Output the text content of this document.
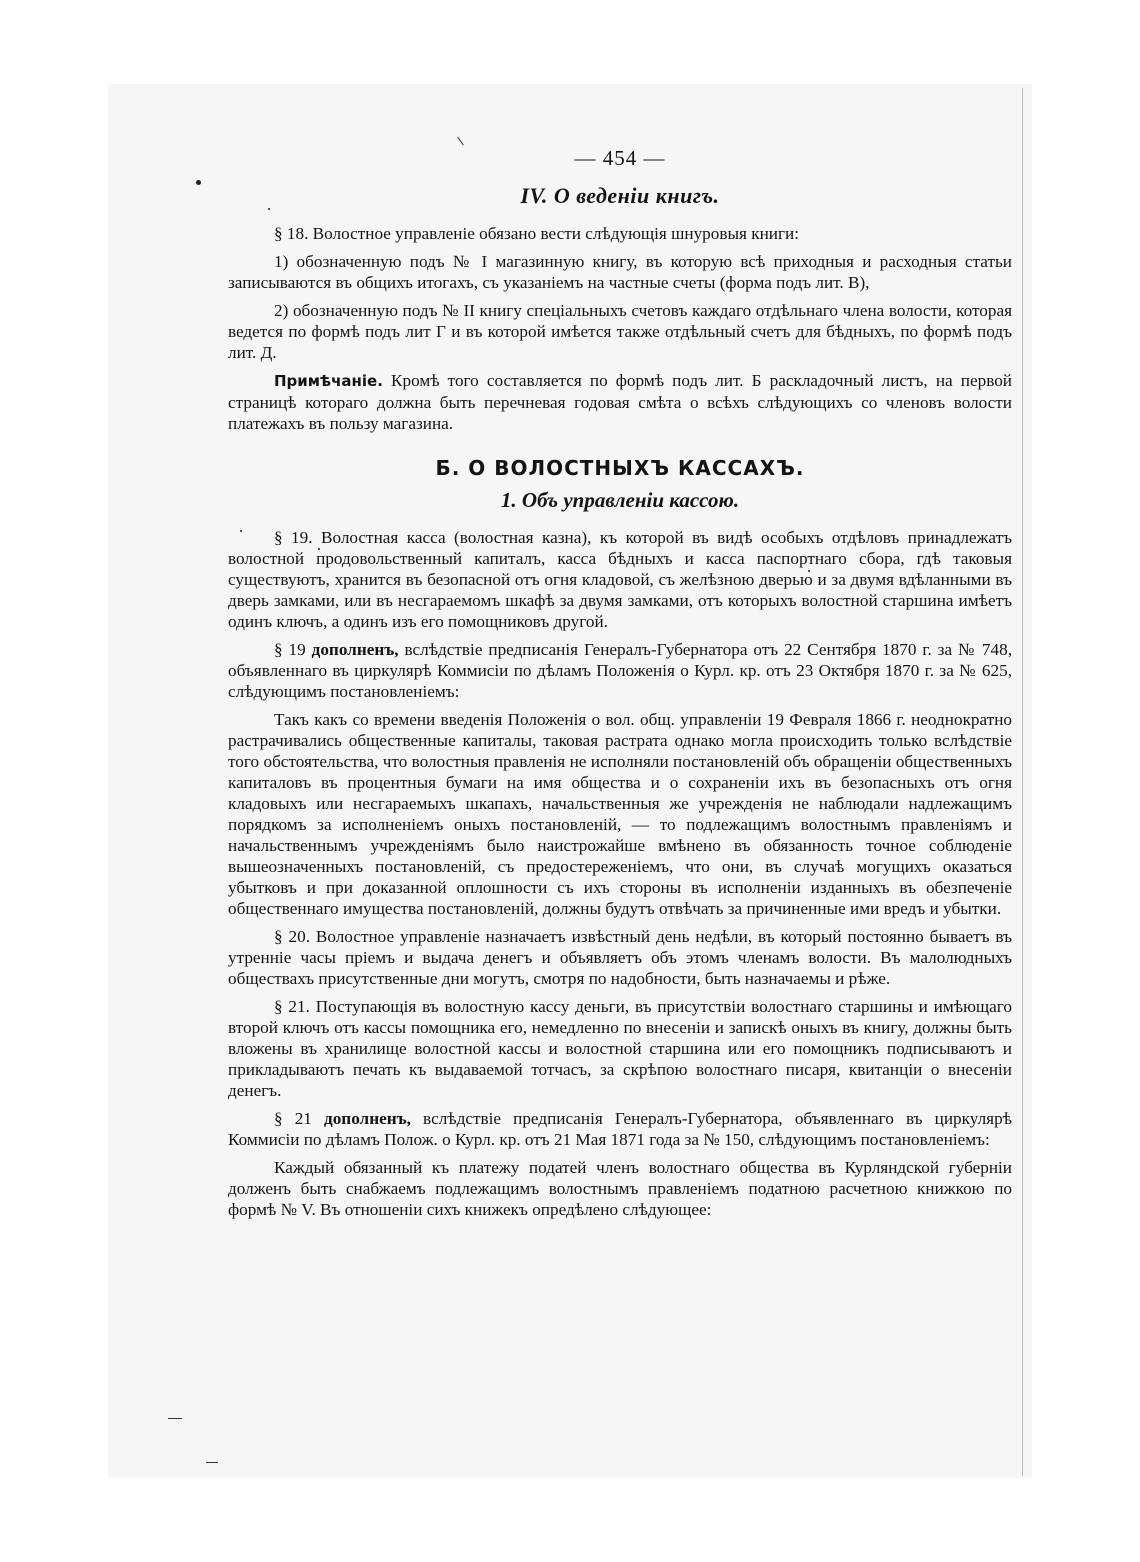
— 454 —
IV. О веденіи книгъ.

§ 18. Волостное управленіе обязано вести слѣдующія шнуровыя книги:

1) обозначенную подъ № I магазинную книгу, въ которую всѣ приходныя и расходныя статьи записываются въ общихъ итогахъ, съ указаніемъ на частные счеты (форма подъ лит. В),

2) обозначенную подъ № II книгу спеціальныхъ счетовъ каждаго отдѣльнаго члена волости, которая ведется по формѣ подъ лит Г и въ которой имѣется также отдѣльный счетъ для бѣдныхъ, по формѣ подъ лит. Д.

Примѣчаніе. Кромѣ того составляется по формѣ подъ лит. Б раскладочный листъ, на первой страницѣ котораго должна быть перечневая годовая смѣта о всѣхъ слѣдующихъ со членовъ волости платежахъ въ пользу магазина.

Б. О ВОЛОСТНЫХЪ КАССАХЪ.
1. Объ управленіи кассою.

§ 19. Волостная касса (волостная казна), къ которой въ видѣ особыхъ отдѣловъ принадлежатъ волостной продовольственный капиталъ, касса бѣдныхъ и касса паспортнаго сбора, гдѣ таковыя существуютъ, хранится въ безопасной отъ огня кладовой, съ желѣзною дверью и за двумя вдѣланными въ дверь замками, или въ несгараемомъ шкафѣ за двумя замками, отъ которыхъ волостной старшина имѣетъ одинъ ключъ, а одинъ изъ его помощниковъ другой.

§ 19 дополненъ, вслѣдствіе предписанія Генералъ-Губернатора отъ 22 Сентября 1870 г. за № 748, объявленнаго въ циркулярѣ Коммисіи по дѣламъ Положенія о Курл. кр. отъ 23 Октября 1870 г. за № 625, слѣдующимъ постановленіемъ:

Такъ какъ со времени введенія Положенія о вол. общ. управленіи 19 Февраля 1866 г. неоднократно растрачивались общественные капиталы, таковая растрата однако могла происходить только вслѣдствіе того обстоятельства, что волостныя правленія не исполняли постановленій объ обращеніи общественныхъ капиталовъ въ процентныя бумаги на имя общества и о сохраненіи ихъ въ безопасныхъ отъ огня кладовыхъ или несгараемыхъ шкапахъ, начальственныя же учрежденія не наблюдали надлежащимъ порядкомъ за исполненіемъ оныхъ постановленій, — то подлежащимъ волостнымъ правленіямъ и начальственнымъ учрежденіямъ было наистрожайше вмѣнено въ обязанность точное соблюденіе вышеозначенныхъ постановленій, съ предостереженіемъ, что они, въ случаѣ могущихъ оказаться убытковъ и при доказанной оплошности съ ихъ стороны въ исполненіи изданныхъ въ обезпеченіе общественнаго имущества постановленій, должны будутъ отвѣчать за причиненные ими вредъ и убытки.

§ 20. Волостное управленіе назначаетъ извѣстный день недѣли, въ который постоянно бываетъ въ утренніе часы пріемъ и выдача денегъ и объявляетъ объ этомъ членамъ волости. Въ малолюдныхъ обществахъ присутственные дни могутъ, смотря по надобности, быть назначаемы и рѣже.

§ 21. Поступающія въ волостную кассу деньги, въ присутствіи волостнаго старшины и имѣющаго второй ключъ отъ кассы помощника его, немедленно по внесеніи и запискѣ оныхъ въ книгу, должны быть вложены въ хранилище волостной кассы и волостной старшина или его помощникъ подписываютъ и прикладываютъ печать къ выдаваемой тотчасъ, за скрѣпою волостнаго писаря, квитанціи о внесеніи денегъ.

§ 21 дополненъ, вслѣдствіе предписанія Генералъ-Губернатора, объявленнаго въ циркулярѣ Коммисіи по дѣламъ Полож. о Курл. кр. отъ 21 Мая 1871 года за № 150, слѣдующимъ постановленіемъ:

Каждый обязанный къ платежу податей членъ волостнаго общества въ Курляндской губерніи долженъ быть снабжаемъ подлежащимъ волостнымъ правленіемъ податною расчетною книжкою по формѣ № V. Въ отношеніи сихъ книжекъ опредѣлено слѣдующее:
